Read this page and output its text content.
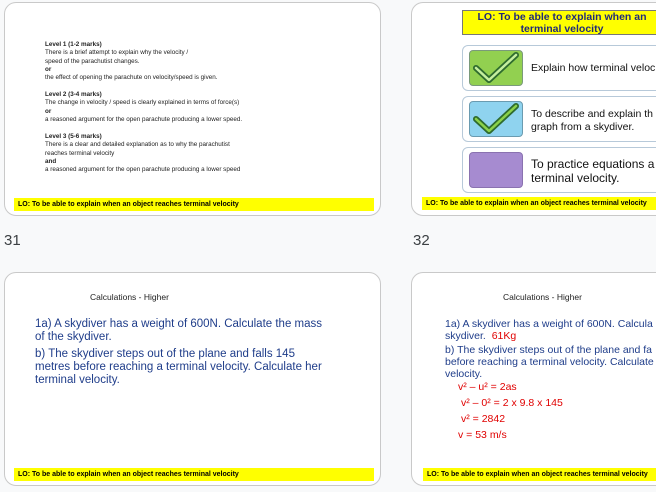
Level 1 (1-2 marks)
There is a brief attempt to explain why the velocity /
speed of the parachutist changes.
or
the effect of opening the parachute on velocity/speed is given.
Level 2 (3-4 marks)
The change in velocity / speed is clearly explained in terms of force(s)
or
a reasoned argument for the open parachute producing a lower speed.
Level 3 (5-6 marks)
There is a clear and detailed explanation as to why the parachutist
reaches terminal velocity
and
a reasoned argument for the open parachute producing a lower speed
LO: To be able to explain when an object reaches terminal velocity
31
LO: To be able to explain when an
terminal velocity
Explain how terminal veloc
To describe and explain th
graph from a skydiver.
To practice equations a
terminal velocity.
LO: To be able to explain when an object reaches terminal velocity
32
Calculations - Higher
1a) A skydiver has a weight of 600N. Calculate the mass
of the skydiver.
b) The skydiver steps out of the plane and falls 145
metres before reaching a terminal velocity. Calculate her
terminal velocity.
LO: To be able to explain when an object reaches terminal velocity
Calculations - Higher
1a) A skydiver has a weight of 600N. Calcula
skydiver. 61Kg
b) The skydiver steps out of the plane and fa
before reaching a terminal velocity. Calculate
velocity.
v² – u² = 2as
v² – 0² = 2 x 9.8 x 145
v² = 2842
v = 53 m/s
LO: To be able to explain when an object reaches terminal velocity
